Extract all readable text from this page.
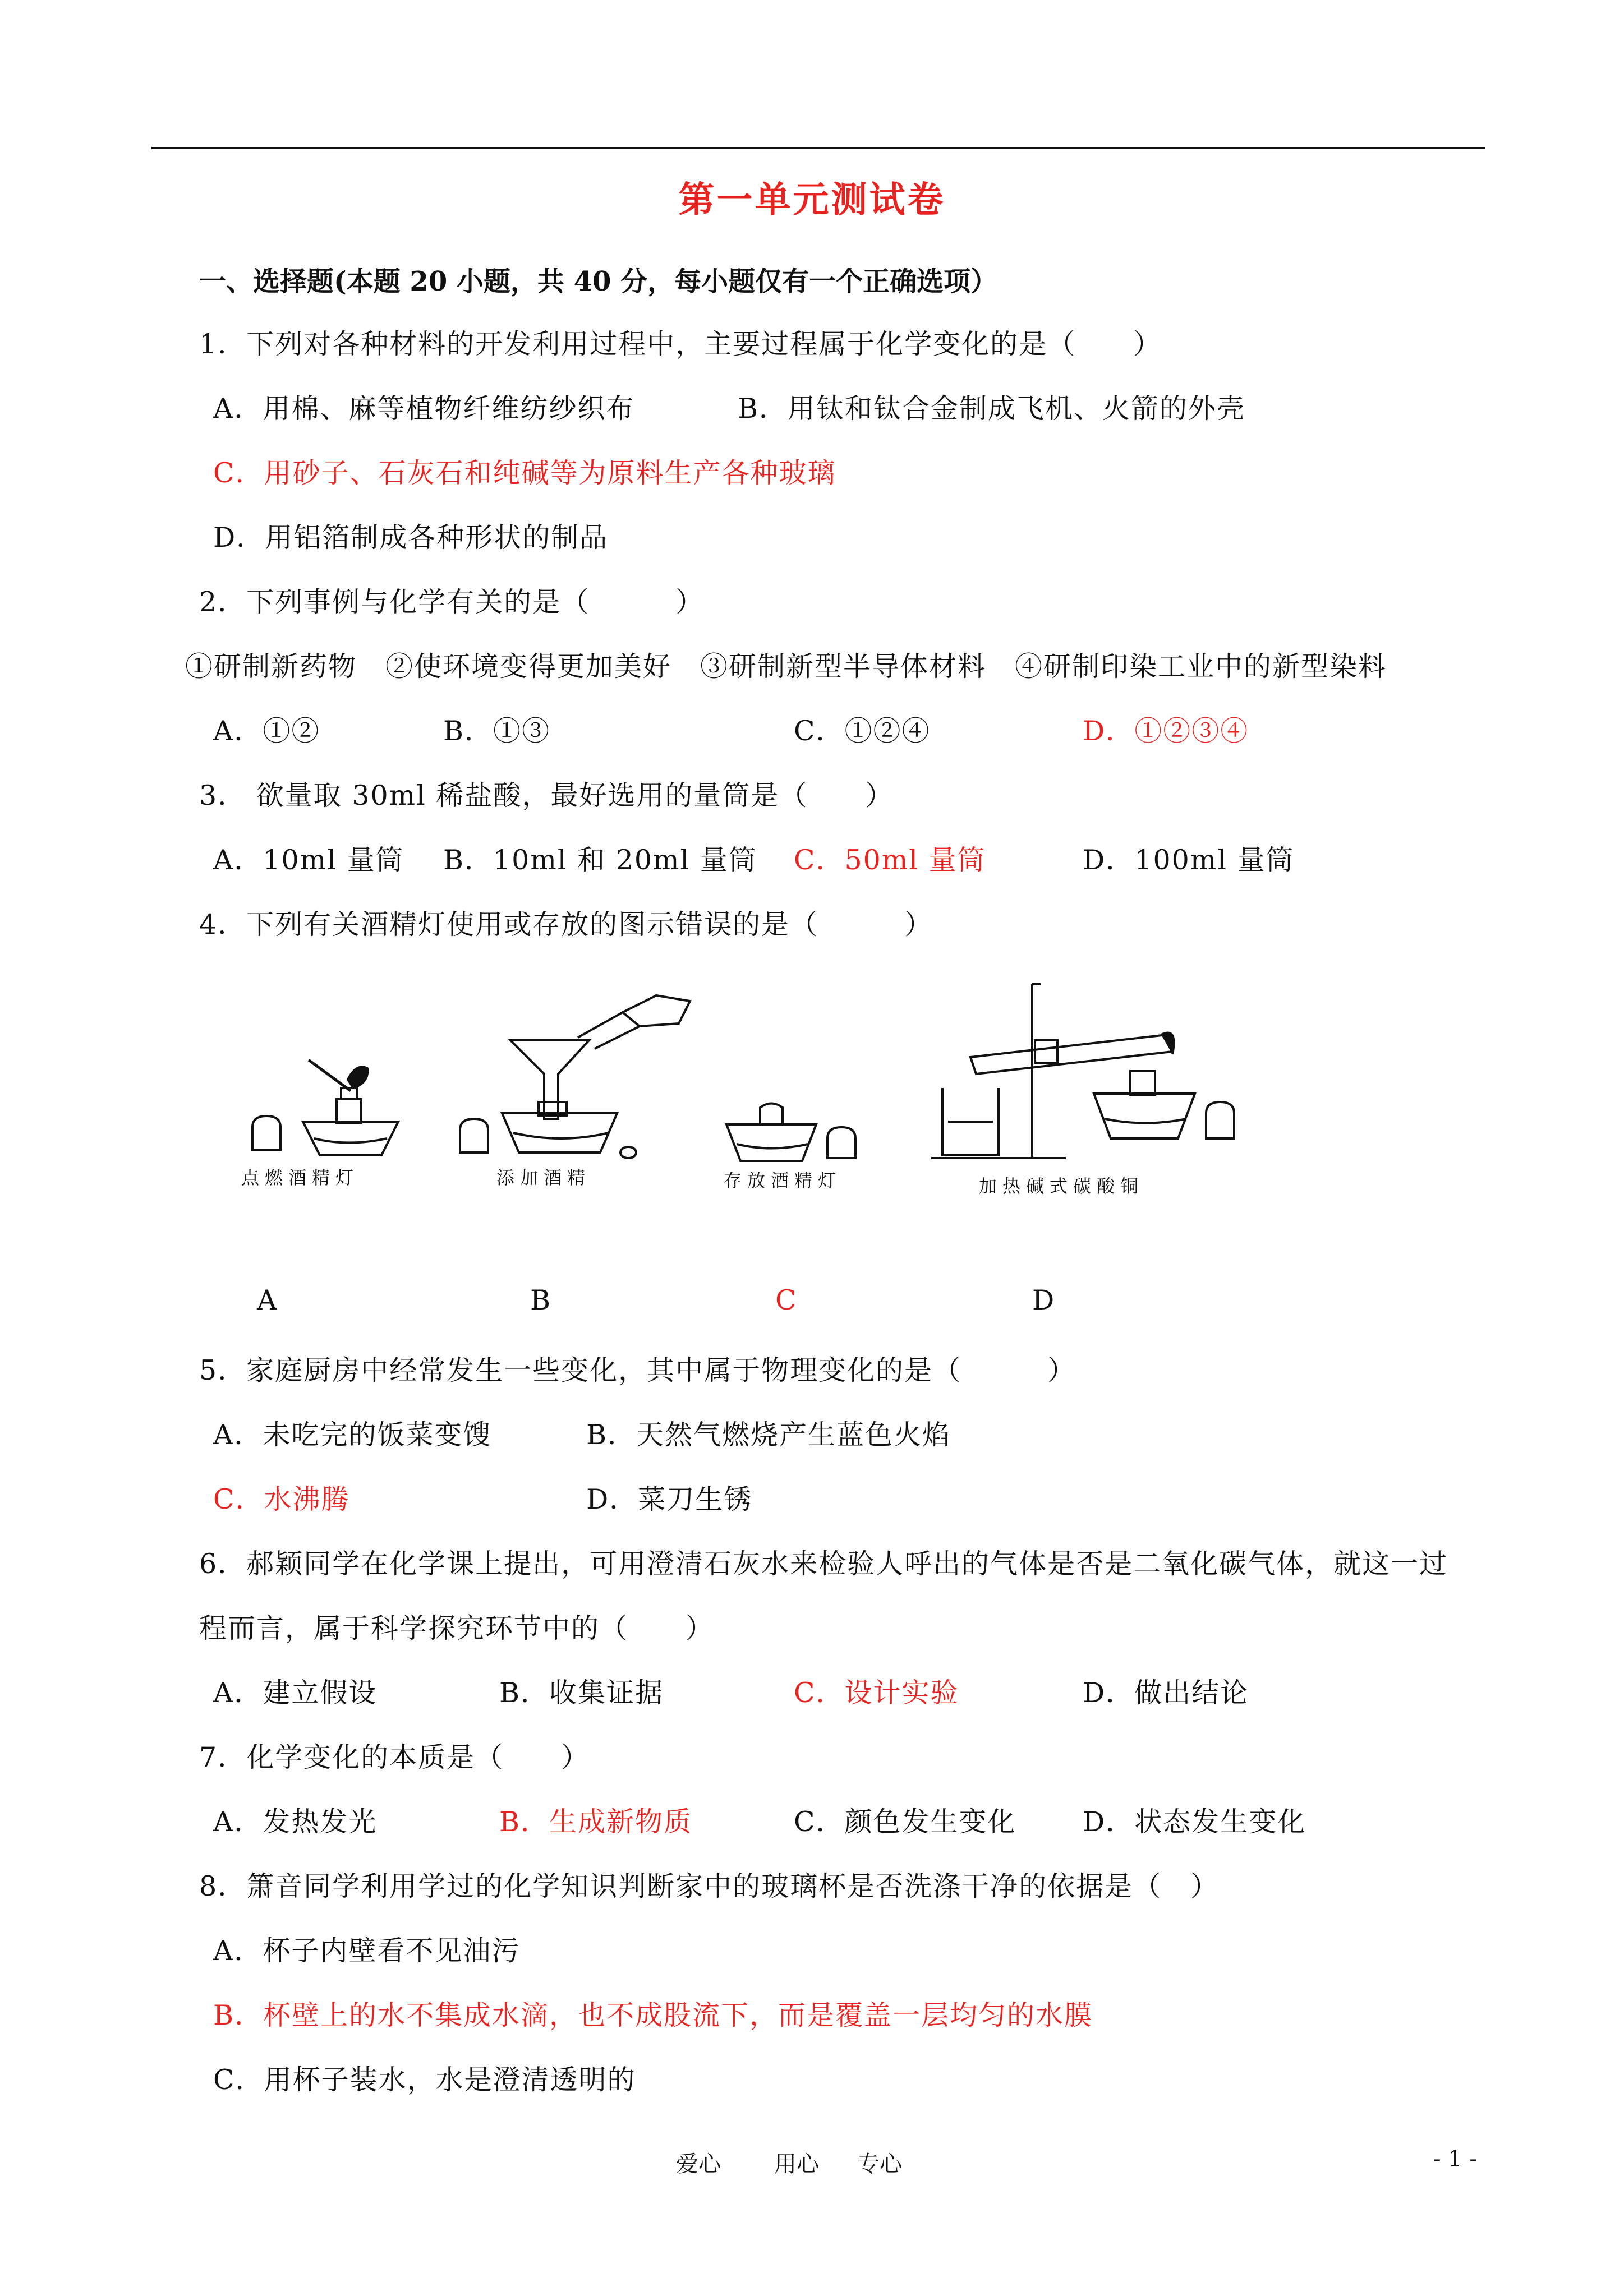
第一单元测试卷
一、选择题(本题 20 小题，共 40 分，每小题仅有一个正确选项）
1．下列对各种材料的开发利用过程中，主要过程属于化学变化的是（　　）
A．用棉、麻等植物纤维纺纱织布	B．用钛和钛合金制成飞机、火箭的外壳
C．用砂子、石灰石和纯碱等为原料生产各种玻璃
D．用铝箔制成各种形状的制品
2．下列事例与化学有关的是（　　　）
①研制新药物　②使环境变得更加美好　③研制新型半导体材料　④研制印染工业中的新型染料
A．①②	B．①③	C．①②④	D．①②③④
3． 欲量取 30ml 稀盐酸，最好选用的量筒是（　　）
A．10ml 量筒 B．10ml 和 20ml 量筒 C．50ml 量筒	D．100ml 量筒
4．下列有关酒精灯使用或存放的图示错误的是（　　　）
点燃酒精灯	添加酒精	存放酒精灯	加热碱式碳酸铜
A	B	C	D
5．家庭厨房中经常发生一些变化，其中属于物理变化的是（　　　）
A．未吃完的饭菜变馊	B．天然气燃烧产生蓝色火焰
C．水沸腾	D．菜刀生锈
6．郝颖同学在化学课上提出，可用澄清石灰水来检验人呼出的气体是否是二氧化碳气体，就这一过
程而言，属于科学探究环节中的（　　）
A．建立假设	B．收集证据	C．设计实验	D．做出结论
7．化学变化的本质是（　　）
A．发热发光	B．生成新物质	C．颜色发生变化 D．状态发生变化
8．箫音同学利用学过的化学知识判断家中的玻璃杯是否洗涤干净的依据是（　）
A．杯子内壁看不见油污
B．杯壁上的水不集成水滴，也不成股流下，而是覆盖一层均匀的水膜
C．用杯子装水，水是澄清透明的
爱心 用心 专心	- 1 -
